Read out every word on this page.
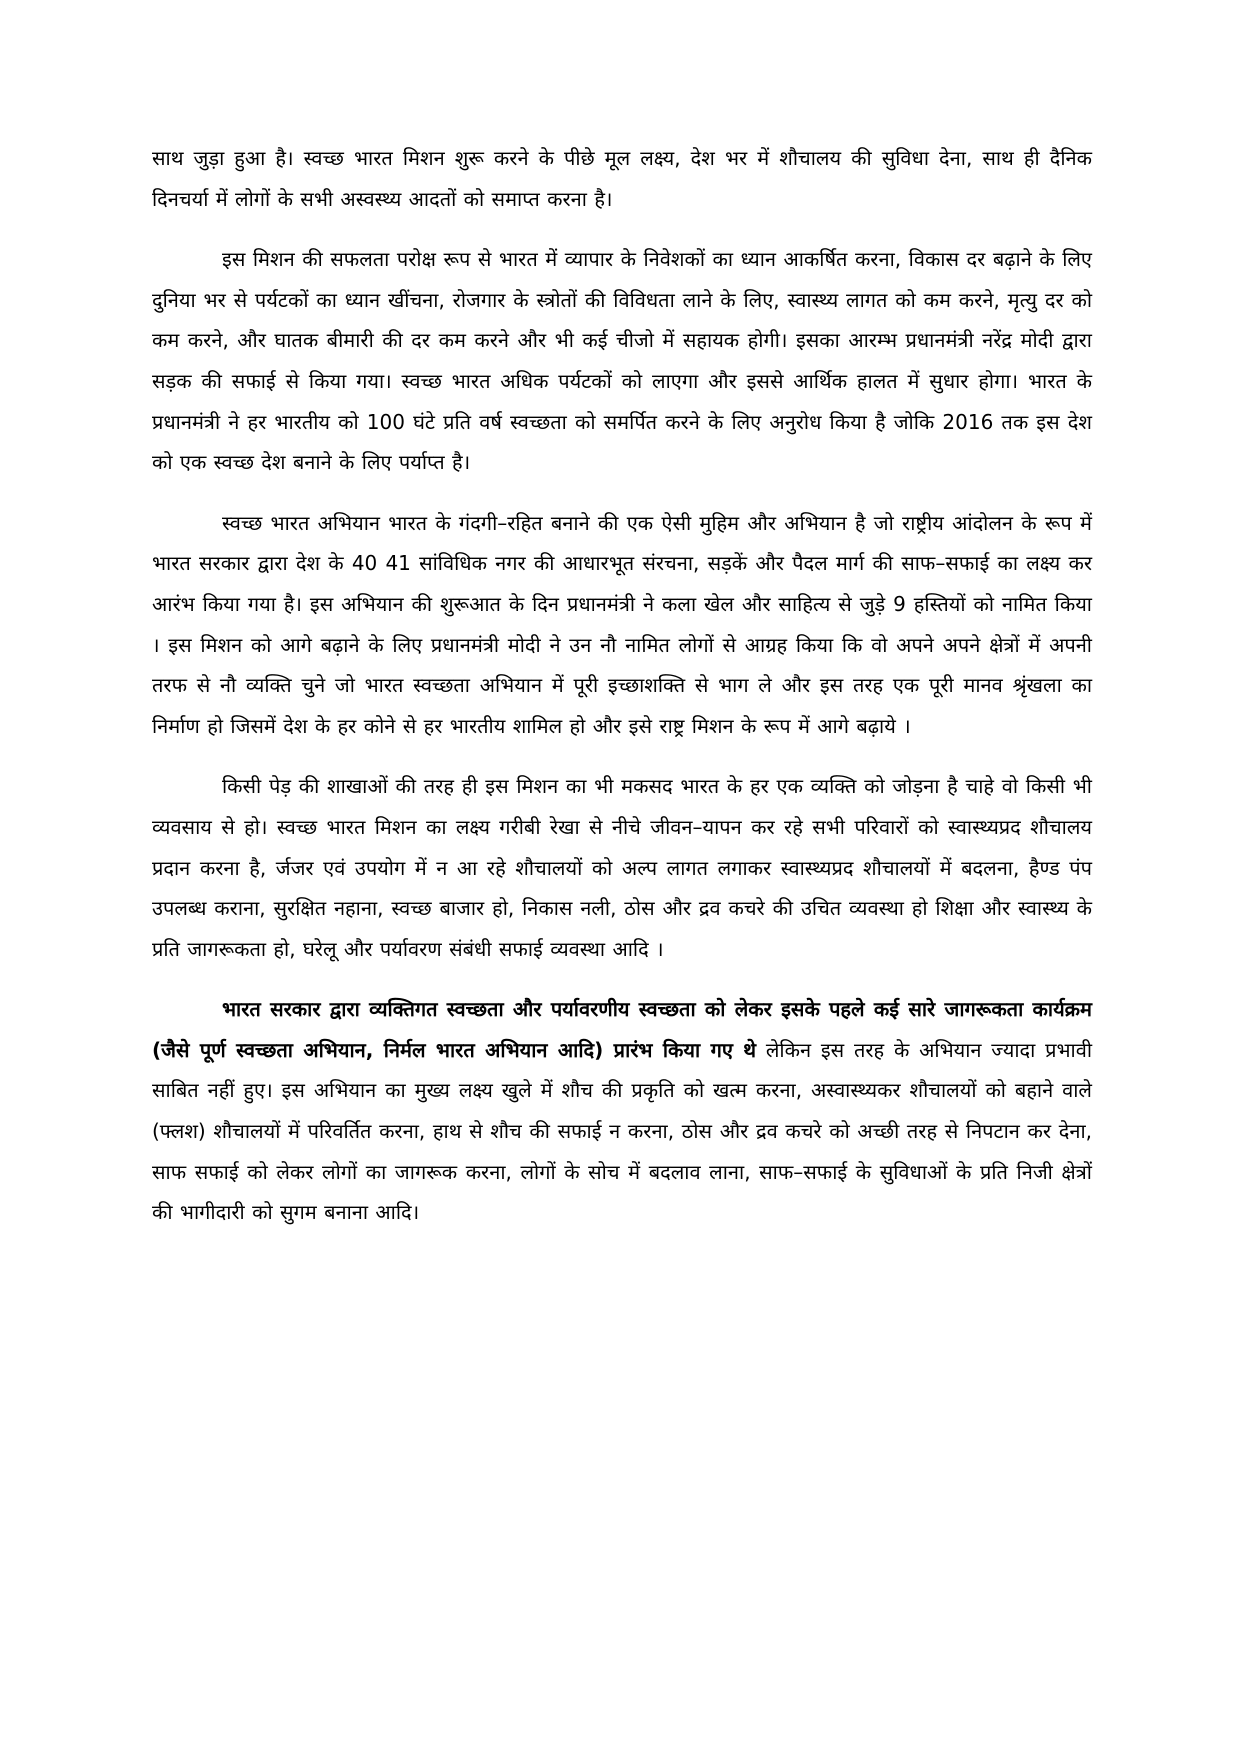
साथ जुड़ा हुआ है। स्वच्छ भारत मिशन शुरू करने के पीछे मूल लक्ष्य, देश भर में शौचालय की सुविधा देना, साथ ही दैनिक दिनचर्या में लोगों के सभी अस्वस्थ्य आदतों को समाप्त करना है।

इस मिशन की सफलता परोक्ष रूप से भारत में व्यापार के निवेशकों का ध्यान आकर्षित करना, विकास दर बढ़ाने के लिए दुनिया भर से पर्यटकों का ध्यान खींचना, रोजगार के स्त्रोतों की विविधता लाने के लिए, स्वास्थ्य लागत को कम करने, मृत्यु दर को कम करने, और घातक बीमारी की दर कम करने और भी कई चीजो में सहायक होगी। इसका आरम्भ प्रधानमंत्री नरेंद्र मोदी द्वारा सड़क की सफाई से किया गया। स्वच्छ भारत अधिक पर्यटकों को लाएगा और इससे आर्थिक हालत में सुधार होगा। भारत के प्रधानमंत्री ने हर भारतीय को 100 घंटे प्रति वर्ष स्वच्छता को समर्पित करने के लिए अनुरोध किया है जोकि 2016 तक इस देश को एक स्वच्छ देश बनाने के लिए पर्याप्त है।

स्वच्छ भारत अभियान भारत के गंदगी–रहित बनाने की एक ऐसी मुहिम और अभियान है जो राष्ट्रीय आंदोलन के रूप में भारत सरकार द्वारा देश के 40 41 सांविधिक नगर की आधारभूत संरचना, सड़कें और पैदल मार्ग की साफ–सफाई का लक्ष्य कर आरंभ किया गया है। इस अभियान की शुरूआत के दिन प्रधानमंत्री ने कला खेल और साहित्य से जुड़े 9 हस्तियों को नामित किया । इस मिशन को आगे बढ़ाने के लिए प्रधानमंत्री मोदी ने उन नौ नामित लोगों से आग्रह किया कि वो अपने अपने क्षेत्रों में अपनी तरफ से नौ व्यक्ति चुने जो भारत स्वच्छता अभियान में पूरी इच्छाशक्ति से भाग ले और इस तरह एक पूरी मानव श्रृंखला का निर्माण हो जिसमें देश के हर कोने से हर भारतीय शामिल हो और इसे राष्ट्र मिशन के रूप में आगे बढ़ाये ।

किसी पेड़ की शाखाओं की तरह ही इस मिशन का भी मकसद भारत के हर एक व्यक्ति को जोड़ना है चाहे वो किसी भी व्यवसाय से हो। स्वच्छ भारत मिशन का लक्ष्य गरीबी रेखा से नीचे जीवन–यापन कर रहे सभी परिवारों को स्वास्थ्यप्रद शौचालय प्रदान करना है, र्जजर एवं उपयोग में न आ रहे शौचालयों को अल्प लागत लगाकर स्वास्थ्यप्रद शौचालयों में बदलना, हैण्ड पंप उपलब्ध कराना, सुरक्षित नहाना, स्वच्छ बाजार हो, निकास नली, ठोस और द्रव कचरे की उचित व्यवस्था हो शिक्षा और स्वास्थ्य के प्रति जागरूकता हो, घरेलू और पर्यावरण संबंधी सफाई व्यवस्था आदि ।

भारत सरकार द्वारा व्यक्तिगत स्वच्छता और पर्यावरणीय स्वच्छता को लेकर इसके पहले कई सारे जागरूकता कार्यक्रम (जैसे पूर्ण स्वच्छता अभियान, निर्मल भारत अभियान आदि) प्रारंभ किया गए थे लेकिन इस तरह के अभियान ज्यादा प्रभावी साबित नहीं हुए। इस अभियान का मुख्य लक्ष्य खुले में शौच की प्रकृति को खत्म करना, अस्वास्थ्यकर शौचालयों को बहाने वाले (फ्लश) शौचालयों में परिवर्तित करना, हाथ से शौच की सफाई न करना, ठोस और द्रव कचरे को अच्छी तरह से निपटान कर देना, साफ सफाई को लेकर लोगों का जागरूक करना, लोगों के सोच में बदलाव लाना, साफ–सफाई के सुविधाओं के प्रति निजी क्षेत्रों की भागीदारी को सुगम बनाना आदि।
